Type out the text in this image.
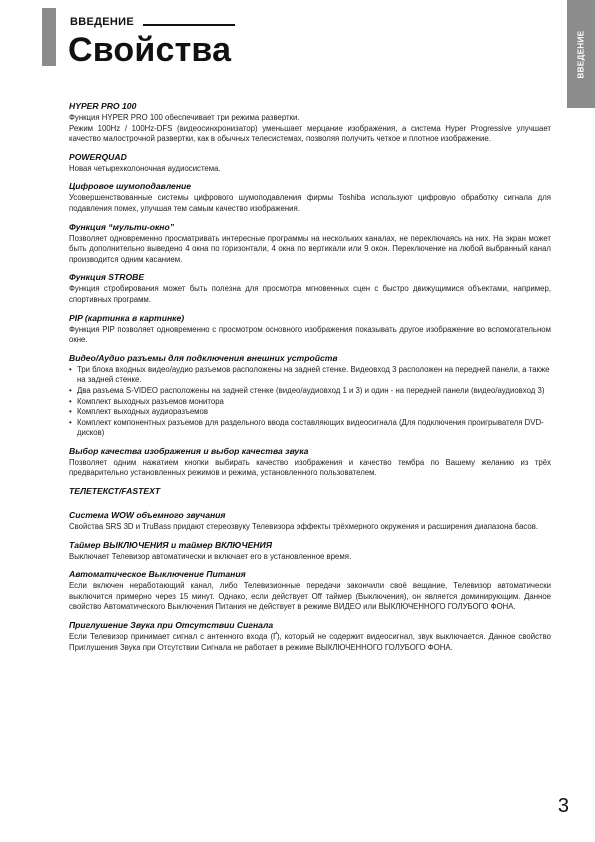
ВВЕДЕНИЕ
Свойства	ВВЕДЕНИЕ
HYPER PRO 100

Функция HYPER PRO 100 обеспечивает три режима развертки.

Режим 100Hz / 100Hz-DFS (видеосинхронизатор) уменьшает мерцание изображения, а система Hyper Progressive улучшает качество малострочной развертки, как в обычных телесистемах, позволяя получить четкое и плотное изображение.

POWERQUAD

Новая четырехколоночная аудиосистема.

Цифровое шумоподавление

Усовершенствованные системы цифрового шумоподавления фирмы Toshiba используют цифровую обработку сигнала для подавления помех, улучшая тем самым качество изображения.

Функция “мульти-окно”

Позволяет одновременно просматривать интересные программы на нескольких каналах, не переключаясь на них. На экран может быть дополнительно выведено 4 окна по горизонтали, 4 окна по вертикали или 9 окон. Переключение на любой выбранный канал производится одним касанием.

Функция STROBE

Функция стробирования может быть полезна для просмотра мгновенных сцен с быстро движущимися объектами, например, спортивных программ.

PIP (картинка в картинке)

Функция PIP позволяет одновременно с просмотром основного изображения показывать другое изображение во вспомогательном окне.

Видео/Аудио разъемы для подключения внешних устройств
• Три блока входных видео/аудио разъемов расположены на задней стенке. Видеовход 3 расположен на передней панели, а также на задней стенке.
• Два разъема S-VIDEO расположены на задней стенке (видео/аудиовход 1 и 3) и один - на передней панели (видео/аудиовход 3)
• Комплект выходных разъемов монитора
• Комплект выходных аудиоразъемов
• Комплект компонентных разъемов для раздельного ввода составляющих видеосигнала (Для подключения проигрывателя DVD-дисков)
Выбор качества изображения и выбор качества звука

Позволяет одним нажатием кнопки выбирать качество изображения и качество тембра по Вашему желанию из трёх предварительно установленных режимов и режима, установленного пользователем.

ТЕЛЕТЕКСТ/FASTEXT
Система WOW объемного звучания

Свойства SRS 3D и TruBass придают стереозвуку Телевизора эффекты трёхмерного окружения и расширения диапазона басов.

Таймер ВЫКЛЮЧЕНИЯ и таймер ВКЛЮЧЕНИЯ

Выключает Телевизор автоматически и включает его в установленное время.

Автоматическое Выключение Питания

Если включен неработающий канал, либо Телевизионные передачи закончили своё вещание, Телевизор автоматически выключится примерно через 15 минут. Однако, если действует Off таймер (Выключения), он является доминирующим. Данное свойство Автоматического Выключения Питания не действует в режиме ВИДЕО или ВЫКЛЮЧЕННОГО ГОЛУБОГО ФОНА.

Приглушение Звука при Отсутствии Сигнала

Если Телевизор принимает сигнал с антенного входа (Ґ), который не содержит видеосигнал, звук выключается. Данное свойство Приглушения Звука при Отсутствии Сигнала не работает в режиме ВЫКЛЮЧЕННОГО ГОЛУБОГО ФОНА.

3
